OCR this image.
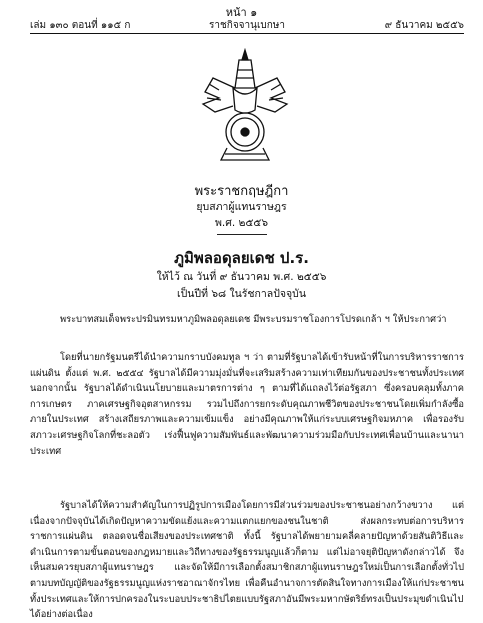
หน้า ๑
เล่ม ๑๓๐ ตอนที่ ๑๑๕ ก	ราชกิจจานุเบกษา	๙ ธันวาคม ๒๕๕๖
พระราชกฤษฎีกา
ยุบสภาผู้แทนราษฎร
พ.ศ. ๒๕๕๖
ภูมิพลอดุลยเดช ป.ร.
ให้ไว้ ณ วันที่ ๙ ธันวาคม พ.ศ. ๒๕๕๖
เป็นปีที่ ๖๘ ในรัชกาลปัจจุบัน

พระบาทสมเด็จพระปรมินทรมหาภูมิพลอดุลยเดช มีพระบรมราชโองการโปรดเกล้า ฯ ให้ประกาศว่า

โดยที่นายกรัฐมนตรีได้นำความกราบบังคมทูล ฯ ว่า ตามที่รัฐบาลได้เข้ารับหน้าที่ในการบริหารราชการแผ่นดิน ตั้งแต่ พ.ศ. ๒๕๕๔ รัฐบาลได้มีความมุ่งมั่นที่จะเสริมสร้างความเท่าเทียมกันของประชาชนทั้งประเทศ นอกจากนั้น รัฐบาลได้ดำเนินนโยบายและมาตรการต่าง ๆ ตามที่ได้แถลงไว้ต่อรัฐสภา ซึ่งครอบคลุมทั้งภาคการเกษตร ภาคเศรษฐกิจอุตสาหกรรม รวมไปถึงการยกระดับคุณภาพชีวิตของประชาชนโดยเพิ่มกำลังซื้อภายในประเทศ สร้างเสถียรภาพและความเข้มแข็ง อย่างมีคุณภาพให้แก่ระบบเศรษฐกิจมหภาค เพื่อรองรับสภาวะเศรษฐกิจโลกที่ชะลอตัว เร่งฟื้นฟูความสัมพันธ์และพัฒนาความร่วมมือกับประเทศเพื่อนบ้านและนานาประเทศ

รัฐบาลได้ให้ความสำคัญในการปฏิรูปการเมืองโดยการมีส่วนร่วมของประชาชนอย่างกว้างขวาง แต่เนื่องจากปัจจุบันได้เกิดปัญหาความขัดแย้งและความแตกแยกของชนในชาติ ส่งผลกระทบต่อการบริหารราชการแผ่นดิน ตลอดจนชื่อเสียงของประเทศชาติ ทั้งนี้ รัฐบาลได้พยายามคลี่คลายปัญหาด้วยสันติวิธีและดำเนินการตามขั้นตอนของกฎหมายและวิถีทางของรัฐธรรมนูญแล้วก็ตาม แต่ไม่อาจยุติปัญหาดังกล่าวได้ จึงเห็นสมควรยุบสภาผู้แทนราษฎร และจัดให้มีการเลือกตั้งสมาชิกสภาผู้แทนราษฎรใหม่เป็นการเลือกตั้งทั่วไป ตามบทบัญญัติของรัฐธรรมนูญแห่งราชอาณาจักรไทย เพื่อคืนอำนาจการตัดสินใจทางการเมืองให้แก่ประชาชนทั้งประเทศและให้การปกครองในระบอบประชาธิปไตยแบบรัฐสภาอันมีพระมหากษัตริย์ทรงเป็นประมุขดำเนินไปได้อย่างต่อเนื่อง
